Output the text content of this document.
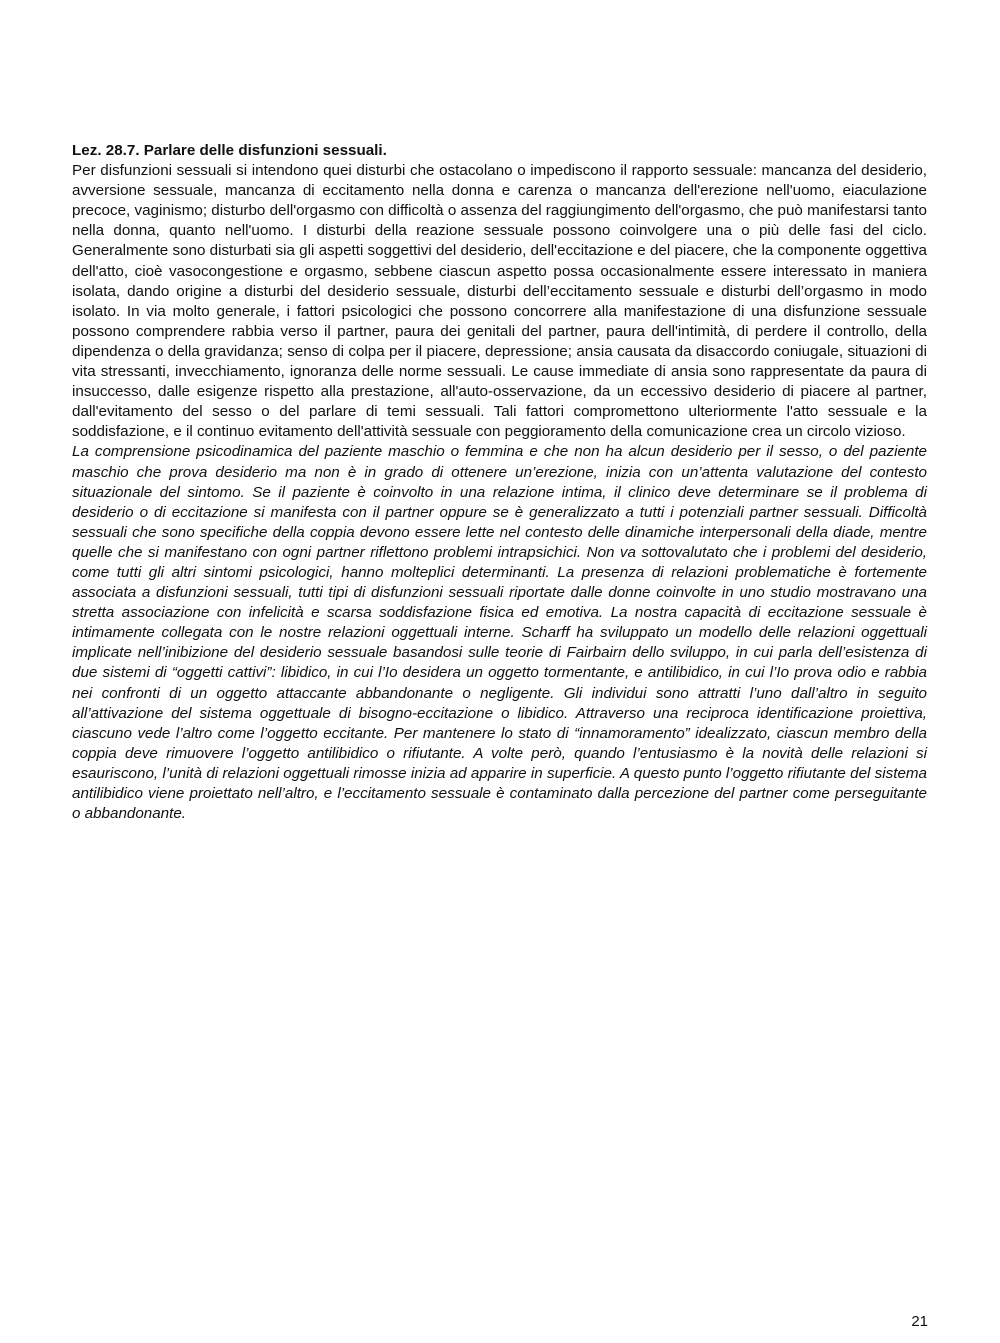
Lez. 28.7. Parlare delle disfunzioni sessuali.

Per disfunzioni sessuali si intendono quei disturbi che ostacolano o impediscono il rapporto sessuale: mancanza del desiderio, avversione sessuale, mancanza di eccitamento nella donna e carenza o mancanza dell'erezione nell'uomo, eiaculazione precoce, vaginismo; disturbo dell'orgasmo con difficoltà o assenza del raggiungimento dell'orgasmo, che può manifestarsi tanto nella donna, quanto nell'uomo. I disturbi della reazione sessuale possono coinvolgere una o più delle fasi del ciclo. Generalmente sono disturbati sia gli aspetti soggettivi del desiderio, dell'eccitazione e del piacere, che la componente oggettiva dell'atto, cioè vasocongestione e orgasmo, sebbene ciascun aspetto possa occasionalmente essere interessato in maniera isolata, dando origine a disturbi del desiderio sessuale, disturbi dell’eccitamento sessuale e disturbi dell’orgasmo in modo isolato. In via molto generale, i fattori psicologici che possono concorrere alla manifestazione di una disfunzione sessuale possono comprendere rabbia verso il partner, paura dei genitali del partner, paura dell'intimità, di perdere il controllo, della dipendenza o della gravidanza; senso di colpa per il piacere, depressione; ansia causata da disaccordo coniugale, situazioni di vita stressanti, invecchiamento, ignoranza delle norme sessuali. Le cause immediate di ansia sono rappresentate da paura di insuccesso, dalle esigenze rispetto alla prestazione, all'auto-osservazione, da un eccessivo desiderio di piacere al partner, dall'evitamento del sesso o del parlare di temi sessuali. Tali fattori compromettono ulteriormente l'atto sessuale e la soddisfazione, e il continuo evitamento dell'attività sessuale con peggioramento della comunicazione crea un circolo vizioso.

La comprensione psicodinamica del paziente maschio o femmina e che non ha alcun desiderio per il sesso, o del paziente maschio che prova desiderio ma non è in grado di ottenere un’erezione, inizia con un’attenta valutazione del contesto situazionale del sintomo. Se il paziente è coinvolto in una relazione intima, il clinico deve determinare se il problema di desiderio o di eccitazione si manifesta con il partner oppure se è generalizzato a tutti i potenziali partner sessuali. Difficoltà sessuali che sono specifiche della coppia devono essere lette nel contesto delle dinamiche interpersonali della diade, mentre quelle che si manifestano con ogni partner riflettono problemi intrapsichici. Non va sottovalutato che i problemi del desiderio, come tutti gli altri sintomi psicologici, hanno molteplici determinanti. La presenza di relazioni problematiche è fortemente associata a disfunzioni sessuali, tutti tipi di disfunzioni sessuali riportate dalle donne coinvolte in uno studio mostravano una stretta associazione con infelicità e scarsa soddisfazione fisica ed emotiva. La nostra capacità di eccitazione sessuale è intimamente collegata con le nostre relazioni oggettuali interne. Scharff ha sviluppato un modello delle relazioni oggettuali implicate nell’inibizione del desiderio sessuale basandosi sulle teorie di Fairbairn dello sviluppo, in cui parla dell’esistenza di due sistemi di “oggetti cattivi”: libidico, in cui l’Io desidera un oggetto tormentante, e antilibidico, in cui l’Io prova odio e rabbia nei confronti di un oggetto attaccante abbandonante o negligente. Gli individui sono attratti l’uno dall’altro in seguito all’attivazione del sistema oggettuale di bisogno-eccitazione o libidico. Attraverso una reciproca identificazione proiettiva, ciascuno vede l’altro come l’oggetto eccitante. Per mantenere lo stato di “innamoramento” idealizzato, ciascun membro della coppia deve rimuovere l’oggetto antilibidico o rifiutante. A volte però, quando l’entusiasmo è la novità delle relazioni si esauriscono, l’unità di relazioni oggettuali rimosse inizia ad apparire in superficie. A questo punto l’oggetto rifiutante del sistema antilibidico viene proiettato nell’altro, e l’eccitamento sessuale è contaminato dalla percezione del partner come perseguitante o abbandonante.

21
